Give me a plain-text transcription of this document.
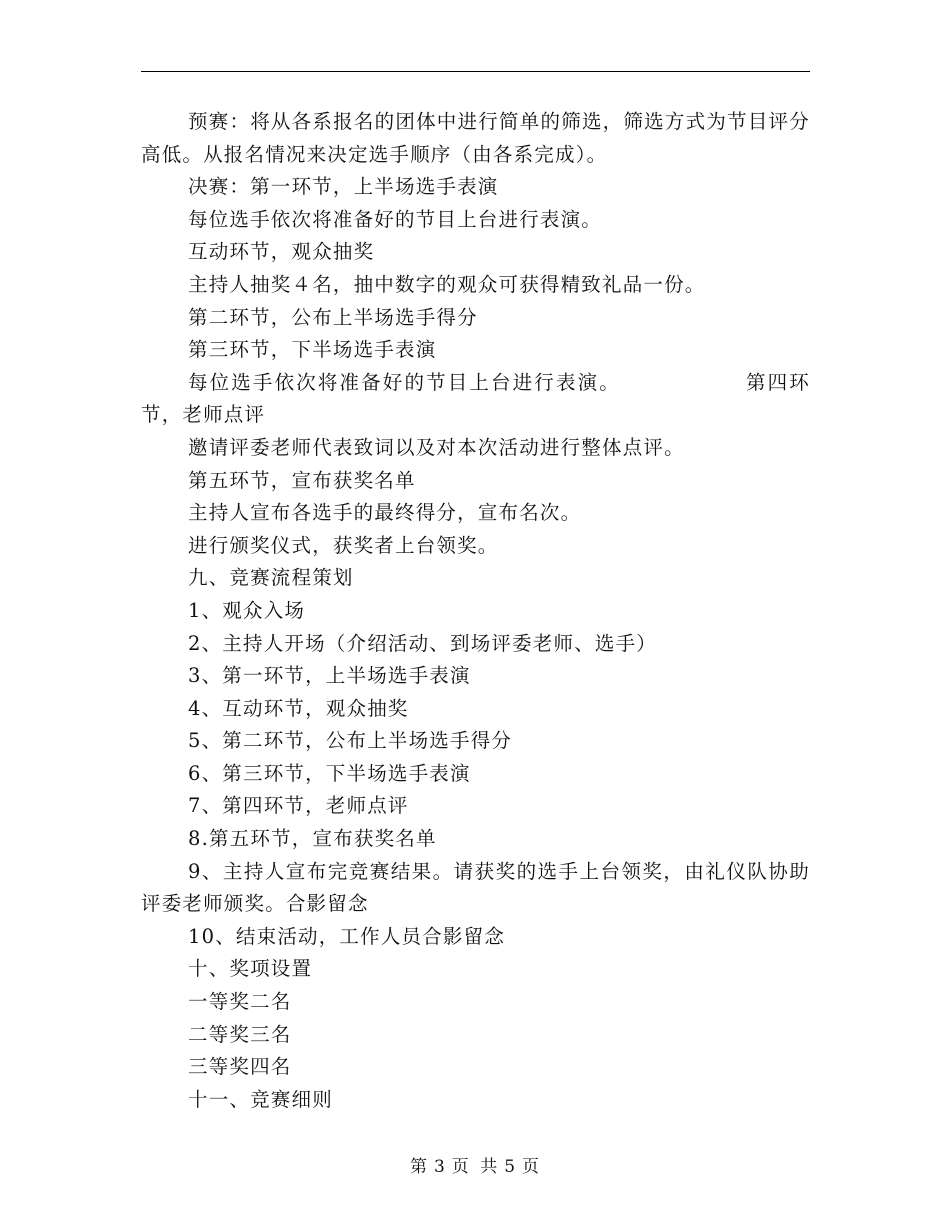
预赛：将从各系报名的团体中进行简单的筛选，筛选方式为节目评分高低。从报名情况来决定选手顺序（由各系完成）。

决赛：第一环节，上半场选手表演

每位选手依次将准备好的节目上台进行表演。

互动环节，观众抽奖

主持人抽奖４名，抽中数字的观众可获得精致礼品一份。

第二环节，公布上半场选手得分

第三环节，下半场选手表演

每位选手依次将准备好的节目上台进行表演。               第四环节，老师点评

邀请评委老师代表致词以及对本次活动进行整体点评。

第五环节，宣布获奖名单

主持人宣布各选手的最终得分，宣布名次。

进行颁奖仪式，获奖者上台领奖。

九、竞赛流程策划

1、观众入场

2、主持人开场（介绍活动、到场评委老师、选手）

3、第一环节，上半场选手表演

4、互动环节，观众抽奖

5、第二环节，公布上半场选手得分

6、第三环节，下半场选手表演

7、第四环节，老师点评

8.第五环节，宣布获奖名单

9、主持人宣布完竞赛结果。请获奖的选手上台领奖，由礼仪队协助评委老师颁奖。合影留念

10、结束活动，工作人员合影留念

十、奖项设置

一等奖二名

二等奖三名

三等奖四名

十一、竞赛细则

第 3 页 共 5 页
